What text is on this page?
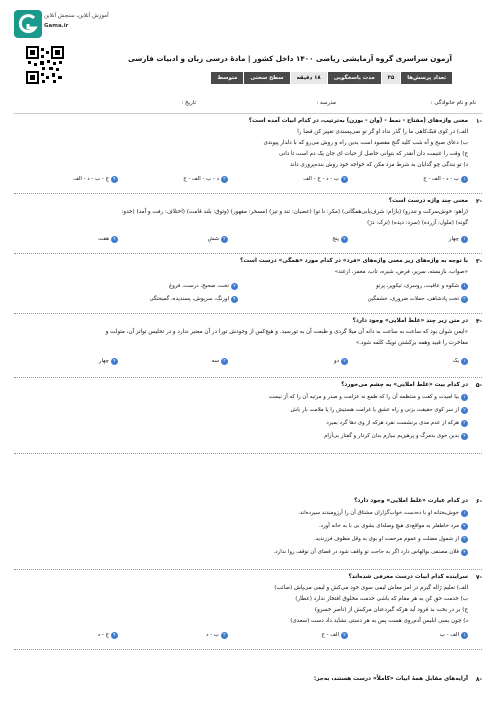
آموزش آنلاین، سنجش آنلاین
Gama.ir
آزمون سراسری گروه آزمایشی ریاضی ۱۴۰۰ داخل کشور | مادهٔ درسی زبان و ادبیات فارسی
تعداد پرسش‌ها
۲۵
مدت پاسخگویی
۱۸ دقیقه
سطح سختی
متوسط
نام و نام خانوادگی :
مدرسه :
تاریخ :
-۱
معنی واژه‌های (مفتاح - نمط - (وان - بوزن) به‌ترتیب، در کدام ابیات آمده است؟
الف) در کوی قبک‌کاهی ما را گذر نداد او گر تو نمی‌پسندی تغییر کن قضا را
ب) دعای صبح و آه شب کلید گنج مقصود است بدین راه و روش می‌رو که با دلدار پیوندی
ج) وقت را غنیمت دان آنقدر که بتوانی حاصل از حیات ای جان یک دم است تا دانی
د) تو بندگی چو گدایان به شرط مزد مکن که خواجه خود روش بنده‌پروری داند
۱
ب - د - الف - ج
۲
ب - د - ج - الف
۳
د - ب - الف - ج
۴
ج - ب - د - الف
-۲
معنی چند واژه درست است؟
(زاهو: خوش‌سرکت و تندرو) (بازام: شرف‌یابی‌همگانی) (مکر: نا تو) (عصیان: تند و تیز) (مسخر: مقهور) (وثوق: بلند قامت) (اختلاف: رفت و آمد) (خدو:
گونه) (ملول: آزرده) (سرد: دیده) (ترک: دژ)
۱
چهار
۲
پنج
۳
شش
۴
هفت
-۳
با توجه به واژه‌های زیر معنی واژه‌های «فرد» در کدام مورد «همگی» درست است؟
«صواب، بازبسته، سریر، فرض، شیزه، تاب، مغمز، ارغند»
۱
شکوه و عافیت، روسری، تیکوپر، پرتو
۲
تخت، صحیح، درست، فروغ
۳
تخت پادشاهی، حملات ضروری، خشمگین
۴
اورنگ، سرپوش، پسندیده، گمیختگی
-۴
در متن زیر چند «غلط املایی» وجود دارد؟
«ایمن شوان بود که ساعت به ساعت به دانه آن میلا گردی و ظبعت آن به تورسید. و هیچ‌کس از وجودش تورا در آن معتبر ندارد و در تحلیس تواتر آن، متولت و
مفاخرت را قبید وهمه برکشتن تویک کلمه شود.»
۱
یک
۲
دو
۳
سه
۴
چهار
-۵
در کدام بیت «غلط املایی» به چشم می‌خورد؟
۱
بیا امیدت و کفت و منتظمه آن را که طمع نه عزامت و صدر و مرتبه آن را که آز نیست
۲
از سر کوی حقیقت بزنی و راه عشق یا غرامت هستیش را یا ملامت بار باش
۳
هرکه از عدم مدی برنشست نقرد هرکه از وی دها گرد بمیرد
۴
بدین خوی بدمرگ و پرهیزیم ببیارم بدان کردار و گفتار بی‌آزام
-۶
در کدام عبارت «غلط املایی» وجود دارد؟
۱
خوش‌بختانه او با ده‌دست خواب‌گزاران مشتاق آن را آرزومندند سپرده‌اند.
۲
مرد خاطفلر به مواقع‌دی هیچ وصله‌ای بشوی بی با به خانه آورد.
۳
از شمول مضلت و عموم مرحمت او بوی به وقل مظوف فرزندید.
۴
فلان مصنفی بوالهاس دارد اگر به حاجت تو واقف شود در قضای آن توقف روا ندارد.
-۷
سراینده کدام ابیات درست معرفی شده‌اند؟
الف) تعلیم ژاله گیرم در امر معاش لیمی سوی خود می‌کش و لیمی می‌پاش (صائب)
ب) خدمت حق کن به هر مقام که باشی خدمت مخلوق افتخار ندارد (عطار)
ج) بر در بخت بد فرود آید هرکه گیردعنان مرکبش از (ناصر خسرو)
د) چون بسی ابلیس آدم‌روی هست پس به هر دستی نشاید داد دست (سعدی)
۱
الف - ب
۲
الف - ج
۳
ب - د
۴
ج - د
-۸
آرایه‌های مقابل همهٔ ابیات «کاملاً» درست هستند، به‌جز:
